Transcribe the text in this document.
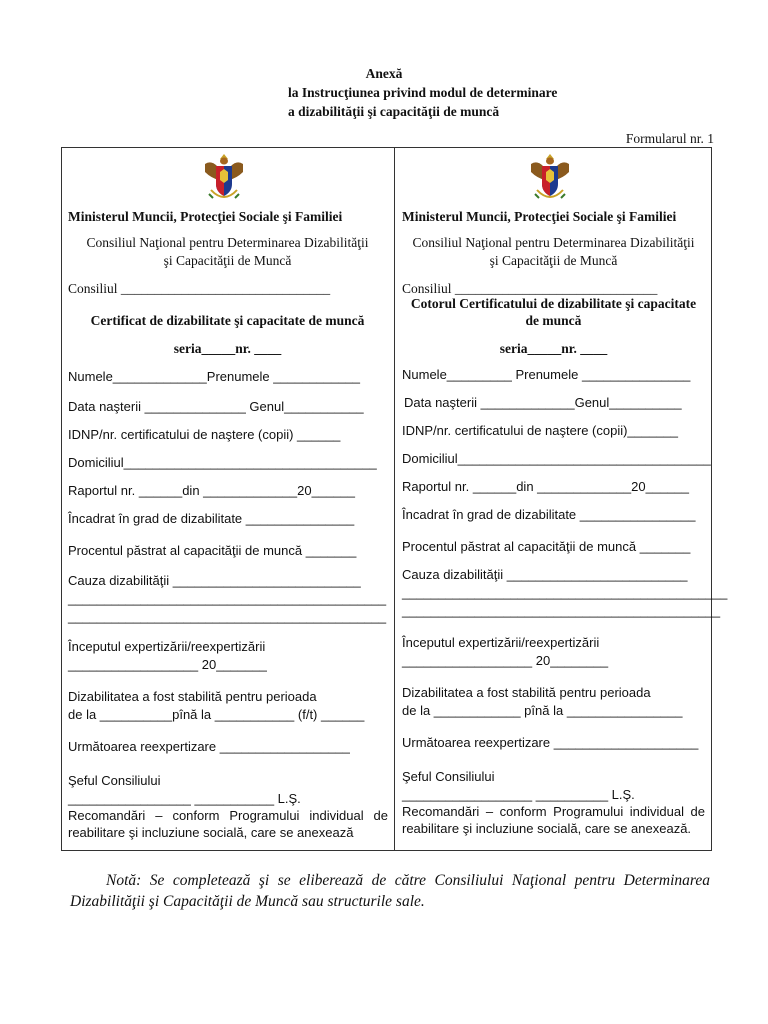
Anexă
la Instrucţiunea privind modul de determinare
a dizabilităţii şi capacităţii de muncă
Formularul nr. 1
Ministerul Muncii, Protecţiei Sociale şi Familiei
Consiliul Naţional pentru Determinarea Dizabilităţii
şi Capacităţii de Muncă
Consiliul _______________________________
Certificat de dizabilitate şi capacitate de muncă
seria_____nr. ____
Numele_____________Prenumele ____________
Data naşterii ______________ Genul___________
IDNP/nr. certificatului de naştere (copii) ______
Domiciliul___________________________________
Raportul nr. ______din _____________20______
Încadrat în grad de dizabilitate _______________
Procentul păstrat al capacităţii de muncă _______
Cauza dizabilităţii __________________________
____________________________________________
____________________________________________
Începutul expertizării/reexpertizării
__________________ 20_______
Dizabilitatea a fost stabilită pentru perioada
de la __________pînă la ___________ (f/t) ______
Următoarea reexpertizare __________________
Şeful Consiliului
_________________ ___________ L.Ş.
Recomandări – conform Programului individual de reabilitare şi incluziune socială, care se anexează
Ministerul Muncii, Protecţiei Sociale şi Familiei
Consiliul Naţional pentru Determinarea Dizabilităţii
şi Capacităţii de Muncă
Consiliul ______________________________
Cotorul Certificatului de dizabilitate şi capacitate
de muncă
seria_____nr. ____
Numele_________ Prenumele _______________
Data naşterii _____________Genul__________
IDNP/nr. certificatului de naştere (copii)_______
Domiciliul___________________________________
Raportul nr. ______din _____________20______
Încadrat în grad de dizabilitate ________________
Procentul păstrat al capacităţii de muncă _______
Cauza dizabilităţii _________________________
_____________________________________________
____________________________________________
Începutul expertizării/reexpertizării
__________________ 20________
Dizabilitatea a fost stabilită pentru perioada
de la ____________ pînă la ________________
Următoarea reexpertizare ____________________
Şeful Consiliului
__________________ __________ L.Ş.
Recomandări – conform Programului individual de reabilitare şi incluziune socială, care se anexează.
Notă: Se completează şi se eliberează de către Consiliului Naţional pentru Determinarea Dizabilităţii şi Capacităţii de Muncă sau structurile sale.
